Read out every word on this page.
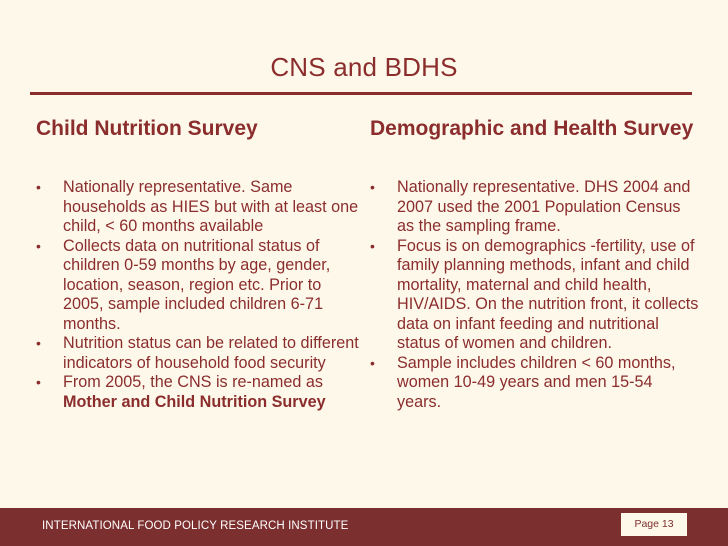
CNS and BDHS
Child Nutrition Survey	Demographic and Health Survey
•	Nationally representative. Same households as HIES but with at least one child, < 60 months available
•	Collects data on nutritional status of children 0-59 months by age, gender, location, season, region etc. Prior to 2005, sample included children 6-71 months.
•	Nutrition status can be related to different indicators of household food security
•	From 2005, the CNS is re-named as Mother and Child Nutrition Survey
•	Nationally representative. DHS 2004 and 2007 used the 2001 Population Census as the sampling frame.
•	Focus is on demographics -fertility, use of family planning methods, infant and child mortality, maternal and child health, HIV/AIDS. On the nutrition front, it collects data on infant feeding and nutritional status of women and children.
•	Sample includes children < 60 months, women 10-49 years and men 15-54 years.
INTERNATIONAL FOOD POLICY RESEARCH INSTITUTE	Page 13
